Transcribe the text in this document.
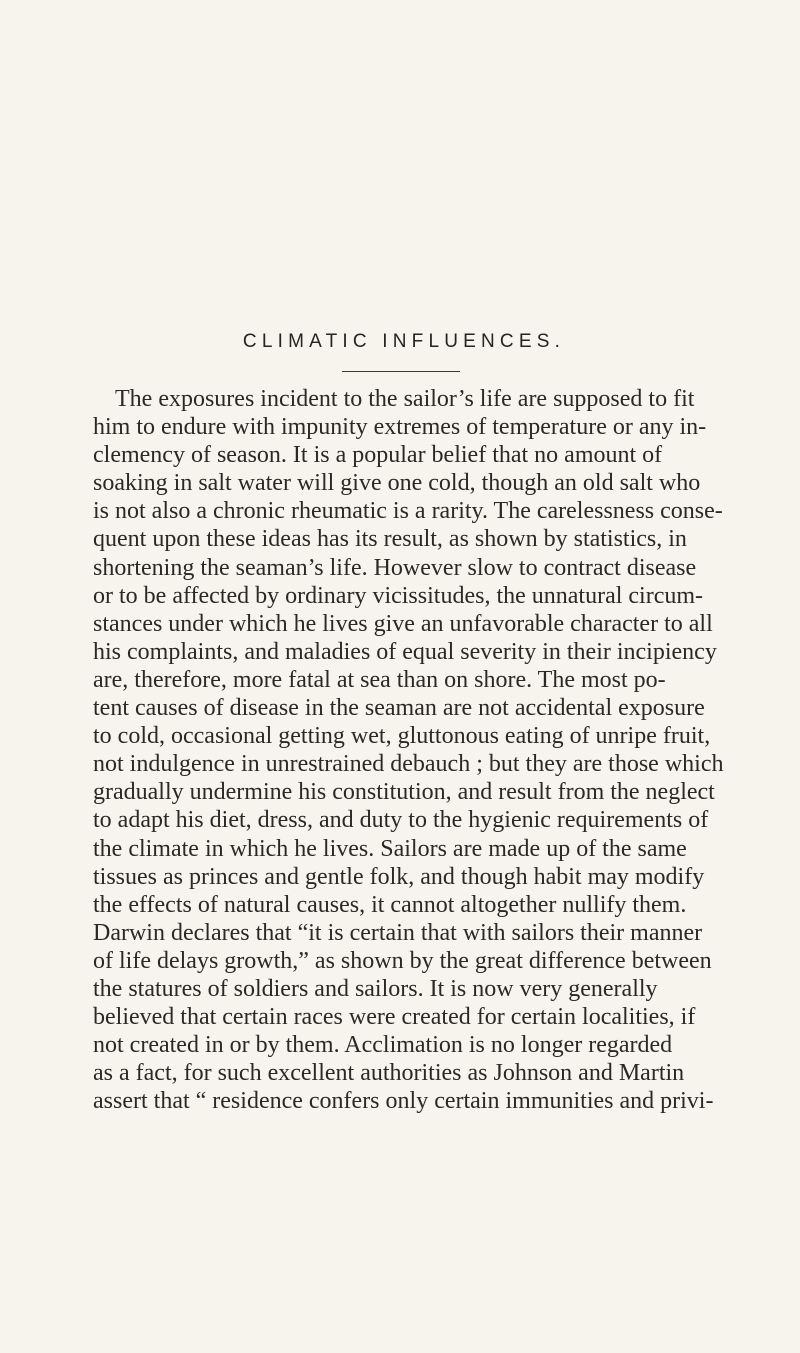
CLIMATIC INFLUENCES.

The exposures incident to the sailor’s life are supposed to fit
him to endure with impunity extremes of temperature or any in-
clemency of season. It is a popular belief that no amount of
soaking in salt water will give one cold, though an old salt who
is not also a chronic rheumatic is a rarity. The carelessness conse-
quent upon these ideas has its result, as shown by statistics, in
shortening the seaman’s life. However slow to contract disease
or to be affected by ordinary vicissitudes, the unnatural circum-
stances under which he lives give an unfavorable character to all
his complaints, and maladies of equal severity in their incipiency
are, therefore, more fatal at sea than on shore. The most po-
tent causes of disease in the seaman are not accidental exposure
to cold, occasional getting wet, gluttonous eating of unripe fruit,
not indulgence in unrestrained debauch ; but they are those which
gradually undermine his constitution, and result from the neglect
to adapt his diet, dress, and duty to the hygienic requirements of
the climate in which he lives. Sailors are made up of the same
tissues as princes and gentle folk, and though habit may modify
the effects of natural causes, it cannot altogether nullify them.
Darwin declares that “it is certain that with sailors their manner
of life delays growth,” as shown by the great difference between
the statures of soldiers and sailors. It is now very generally
believed that certain races were created for certain localities, if
not created in or by them. Acclimation is no longer regarded
as a fact, for such excellent authorities as Johnson and Martin
assert that “ residence confers only certain immunities and privi-
